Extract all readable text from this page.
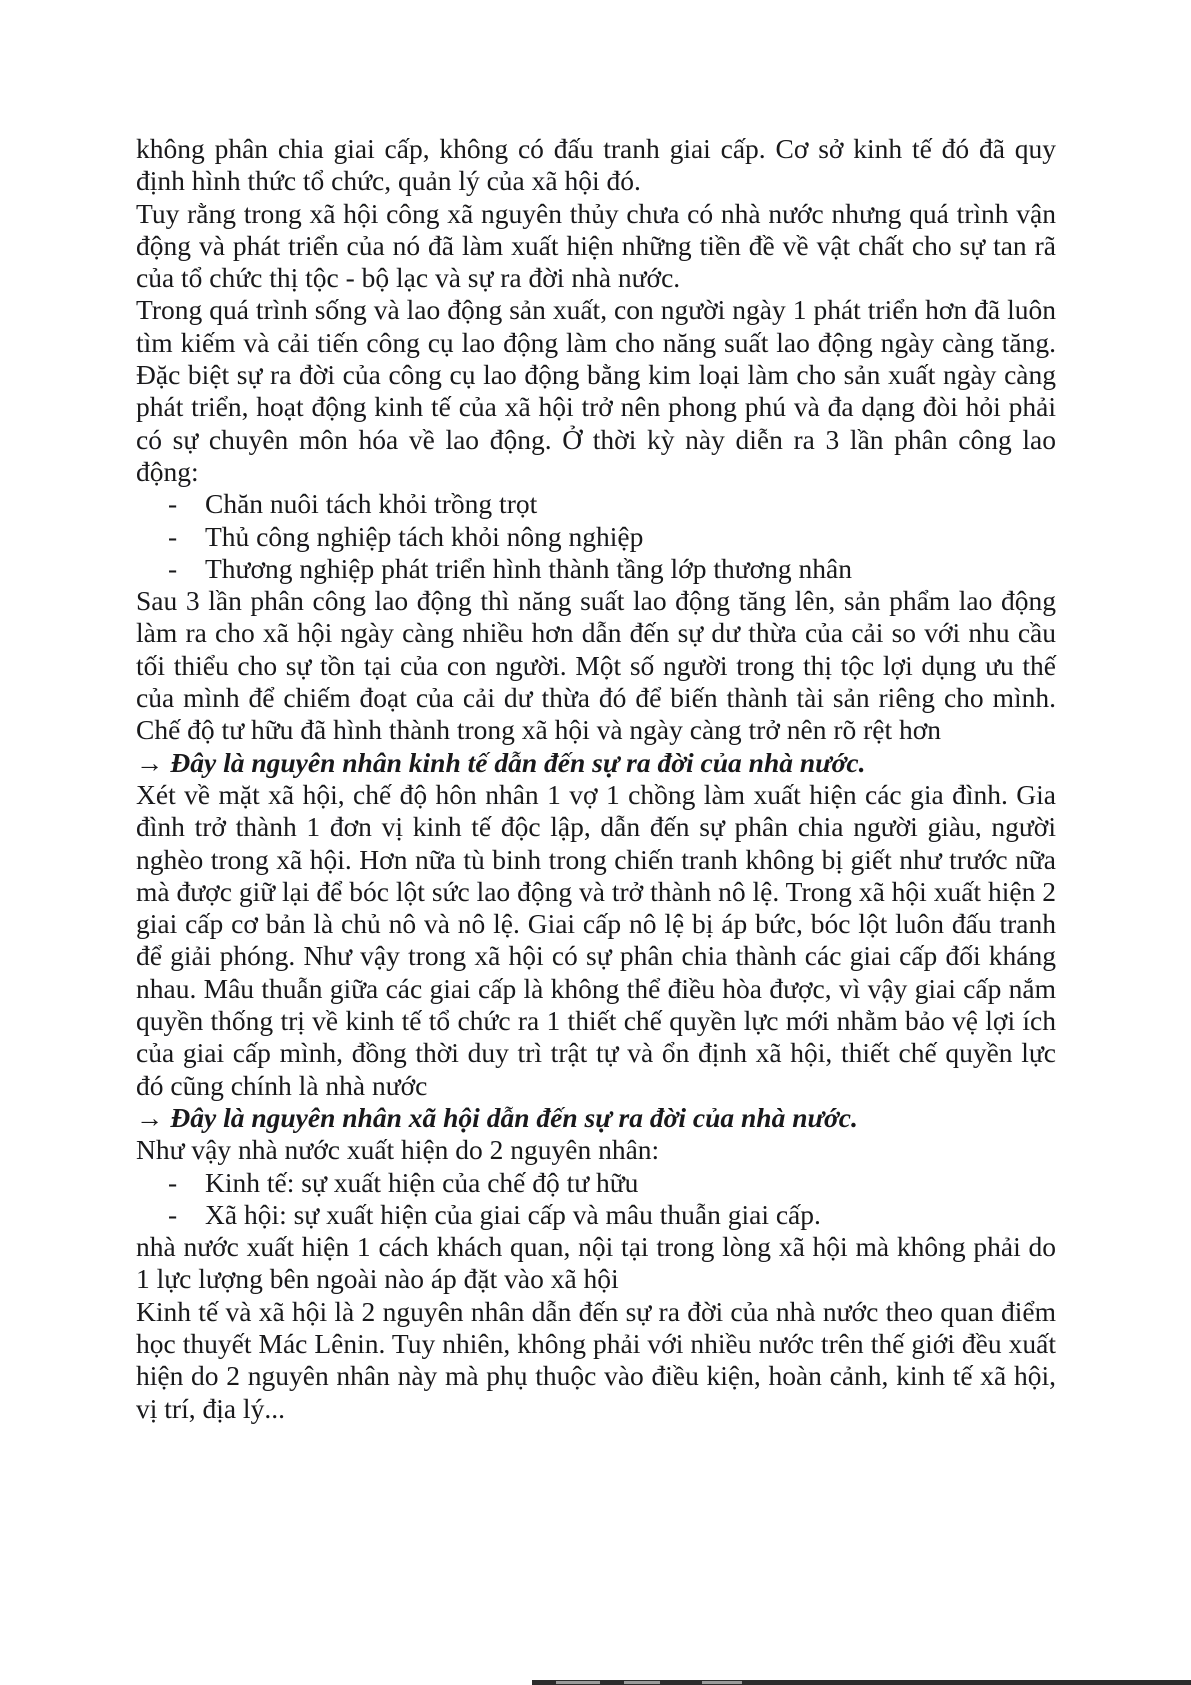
không phân chia giai cấp, không có đấu tranh giai cấp. Cơ sở kinh tế đó đã quy định hình thức tổ chức, quản lý của xã hội đó.

Tuy rằng trong xã hội công xã nguyên thủy chưa có nhà nước nhưng quá trình vận động và phát triển của nó đã làm xuất hiện những tiền đề về vật chất cho sự tan rã của tổ chức thị tộc - bộ lạc và sự ra đời nhà nước.

Trong quá trình sống và lao động sản xuất, con người ngày 1 phát triển hơn đã luôn tìm kiếm và cải tiến công cụ lao động làm cho năng suất lao động ngày càng tăng. Đặc biệt sự ra đời của công cụ lao động bằng kim loại làm cho sản xuất ngày càng phát triển, hoạt động kinh tế của xã hội trở nên phong phú và đa dạng đòi hỏi phải có sự chuyên môn hóa về lao động. Ở thời kỳ này diễn ra 3 lần phân công lao động:

- Chăn nuôi tách khỏi trồng trọt

- Thủ công nghiệp tách khỏi nông nghiệp

- Thương nghiệp phát triển hình thành tầng lớp thương nhân

Sau 3 lần phân công lao động thì năng suất lao động tăng lên, sản phẩm lao động làm ra cho xã hội ngày càng nhiều hơn dẫn đến sự dư thừa của cải so với nhu cầu tối thiểu cho sự tồn tại của con người. Một số người trong thị tộc lợi dụng ưu thế của mình để chiếm đoạt của cải dư thừa đó để biến thành tài sản riêng cho mình. Chế độ tư hữu đã hình thành trong xã hội và ngày càng trở nên rõ rệt hơn

→ Đây là nguyên nhân kinh tế dẫn đến sự ra đời của nhà nước.

Xét về mặt xã hội, chế độ hôn nhân 1 vợ 1 chồng làm xuất hiện các gia đình. Gia đình trở thành 1 đơn vị kinh tế độc lập, dẫn đến sự phân chia người giàu, người nghèo trong xã hội. Hơn nữa tù binh trong chiến tranh không bị giết như trước nữa mà được giữ lại để bóc lột sức lao động và trở thành nô lệ. Trong xã hội xuất hiện 2 giai cấp cơ bản là chủ nô và nô lệ. Giai cấp nô lệ bị áp bức, bóc lột luôn đấu tranh để giải phóng. Như vậy trong xã hội có sự phân chia thành các giai cấp đối kháng nhau. Mâu thuẫn giữa các giai cấp là không thể điều hòa được, vì vậy giai cấp nắm quyền thống trị về kinh tế tổ chức ra 1 thiết chế quyền lực mới nhằm bảo vệ lợi ích của giai cấp mình, đồng thời duy trì trật tự và ổn định xã hội, thiết chế quyền lực đó cũng chính là nhà nước

→ Đây là nguyên nhân xã hội dẫn đến sự ra đời của nhà nước.

Như vậy nhà nước xuất hiện do 2 nguyên nhân:

- Kinh tế: sự xuất hiện của chế độ tư hữu

- Xã hội: sự xuất hiện của giai cấp và mâu thuẫn giai cấp.

nhà nước xuất hiện 1 cách khách quan, nội tại trong lòng xã hội mà không phải do 1 lực lượng bên ngoài nào áp đặt vào xã hội

Kinh tế và xã hội là 2 nguyên nhân dẫn đến sự ra đời của nhà nước theo quan điểm học thuyết Mác Lênin. Tuy nhiên, không phải với nhiều nước trên thế giới đều xuất hiện do 2 nguyên nhân này mà phụ thuộc vào điều kiện, hoàn cảnh, kinh tế xã hội, vị trí, địa lý...
